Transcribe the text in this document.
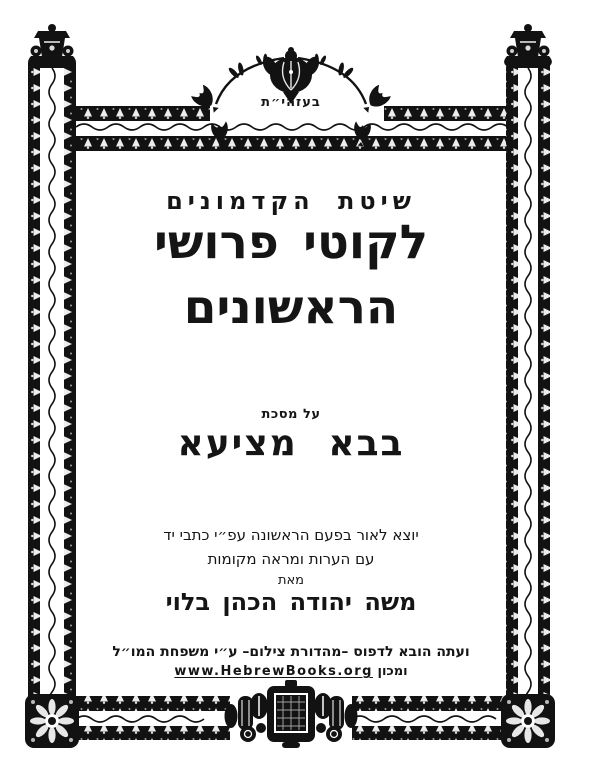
בעזהי״ת
שיטת הקדמונים
לקוטי פרושי
הראשונים
על מסכת
בבא מציעא
יוצא לאור בפעם הראשונה עפ״י כתבי יד
עם הערות ומראה מקומות
מאת
משה יהודה הכהן בלוי
ועתה הובא לדפוס –מהדורת צילום– ע״י משפחת המו״ל
ומכון www.HebrewBooks.org
